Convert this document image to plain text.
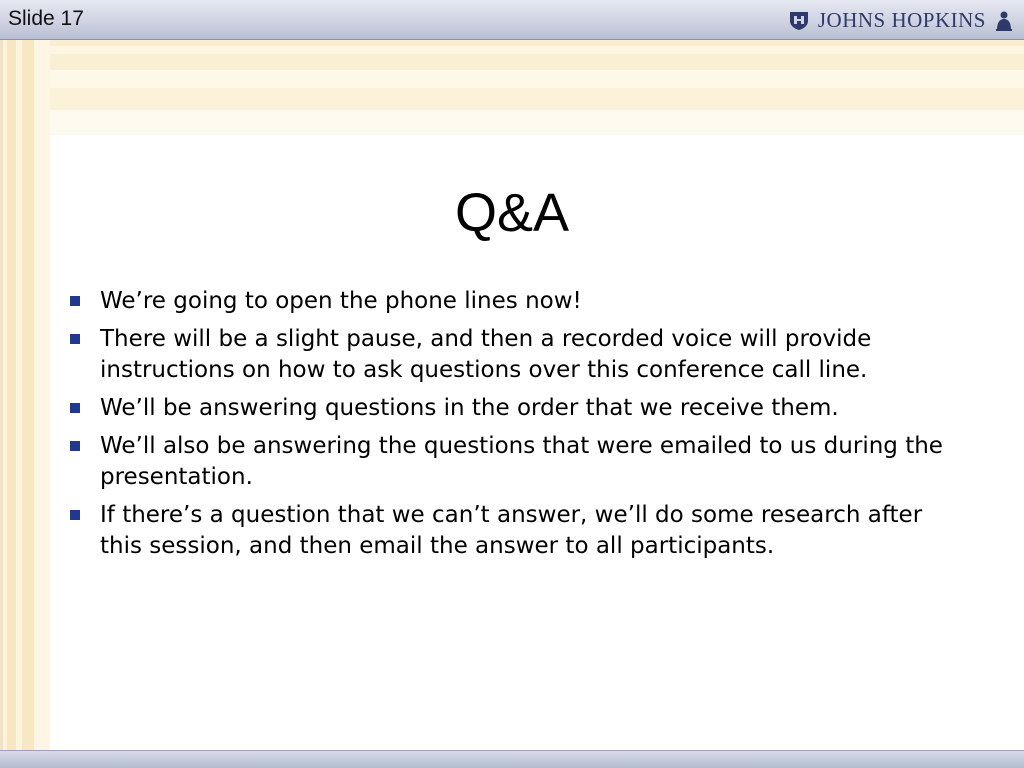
Slide 17	JOHNS HOPKINS
Q&A
We’re going to open the phone lines now!
There will be a slight pause, and then a recorded voice will provide instructions on how to ask questions over this conference call line.
We’ll be answering questions in the order that we receive them.
We’ll also be answering the questions that were emailed to us during the presentation.
If there’s a question that we can’t answer, we’ll do some research after this session, and then email the answer to all participants.
